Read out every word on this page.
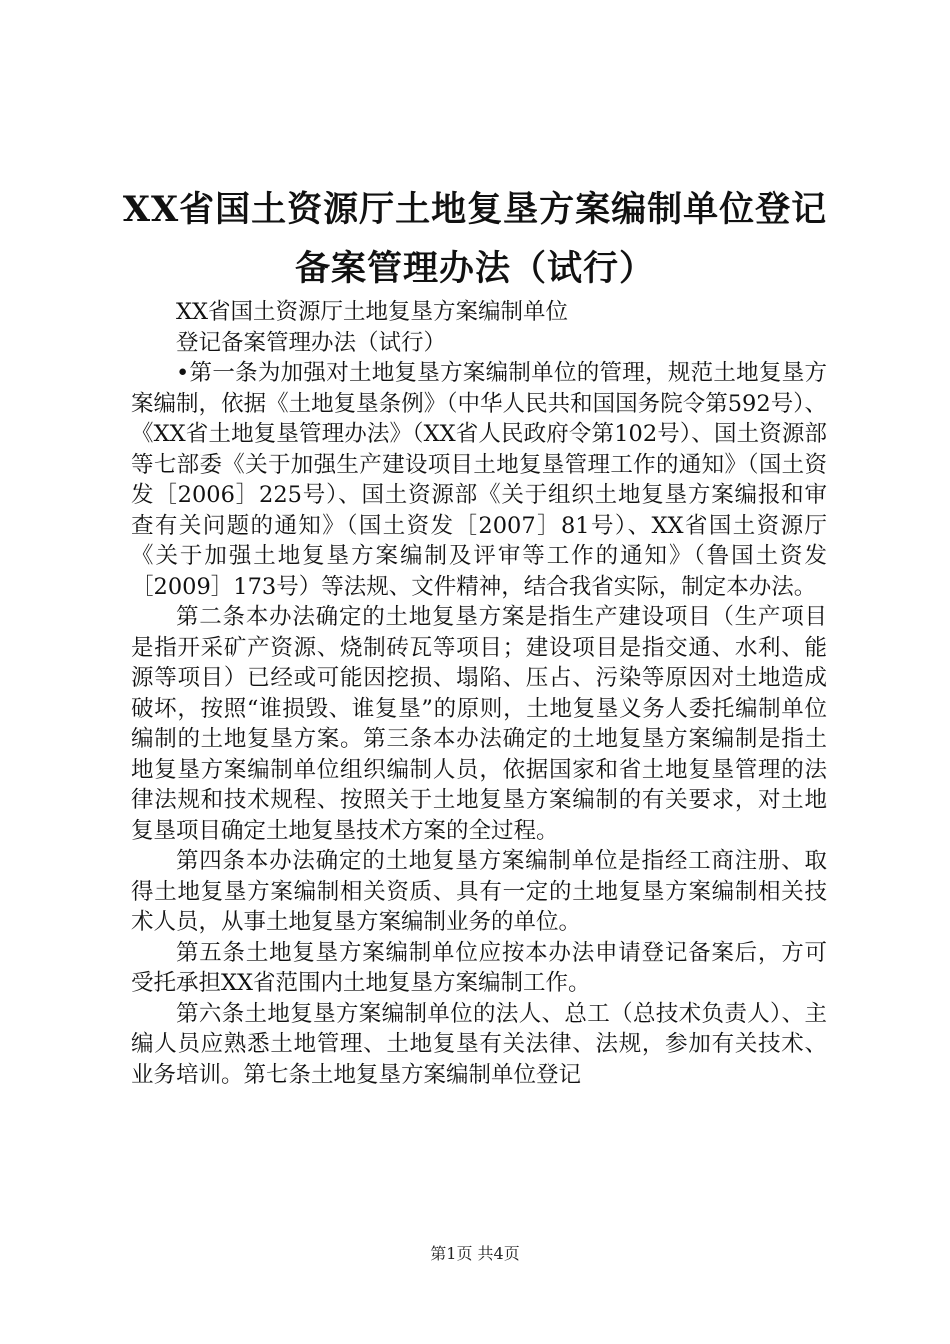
XX省国土资源厅土地复垦方案编制单位登记
备案管理办法（试行）

XX省国土资源厅土地复垦方案编制单位

登记备案管理办法（试行）

•第一条为加强对土地复垦方案编制单位的管理，规范土地复垦方案编制，依据《土地复垦条例》（中华人民共和国国务院令第592号）、《XX省土地复垦管理办法》（XX省人民政府令第102号）、国土资源部等七部委《关于加强生产建设项目土地复垦管理工作的通知》（国土资发［2006］225号）、国土资源部《关于组织土地复垦方案编报和审查有关问题的通知》（国土资发［2007］81号）、XX省国土资源厅《关于加强土地复垦方案编制及评审等工作的通知》（鲁国土资发［2009］173号）等法规、文件精神，结合我省实际，制定本办法。

第二条本办法确定的土地复垦方案是指生产建设项目（生产项目是指开采矿产资源、烧制砖瓦等项目；建设项目是指交通、水利、能源等项目）已经或可能因挖损、塌陷、压占、污染等原因对土地造成破坏，按照“谁损毁、谁复垦”的原则，土地复垦义务人委托编制单位编制的土地复垦方案。第三条本办法确定的土地复垦方案编制是指土地复垦方案编制单位组织编制人员，依据国家和省土地复垦管理的法律法规和技术规程、按照关于土地复垦方案编制的有关要求，对土地复垦项目确定土地复垦技术方案的全过程。

第四条本办法确定的土地复垦方案编制单位是指经工商注册、取得土地复垦方案编制相关资质、具有一定的土地复垦方案编制相关技术人员，从事土地复垦方案编制业务的单位。

第五条土地复垦方案编制单位应按本办法申请登记备案后，方可受托承担XX省范围内土地复垦方案编制工作。

第六条土地复垦方案编制单位的法人、总工（总技术负责人）、主编人员应熟悉土地管理、土地复垦有关法律、法规，参加有关技术、业务培训。第七条土地复垦方案编制单位登记

第1页 共4页
